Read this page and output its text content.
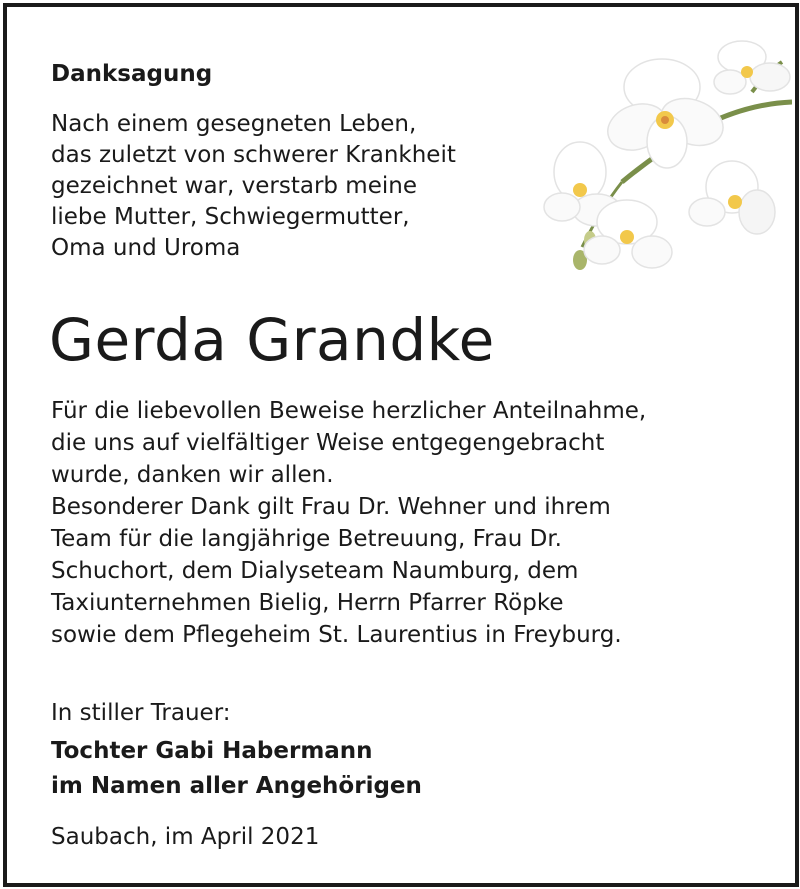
Danksagung
Nach einem gesegneten Leben,
das zuletzt von schwerer Krankheit
gezeichnet war, verstarb meine
liebe Mutter, Schwiegermutter,
Oma und Uroma
Gerda Grandke
Für die liebevollen Beweise herzlicher Anteilnahme,
die uns auf vielfältiger Weise entgegengebracht
wurde, danken wir allen.
Besonderer Dank gilt Frau Dr. Wehner und ihrem
Team für die langjährige Betreuung, Frau Dr.
Schuchort, dem Dialyseteam Naumburg, dem
Taxiunternehmen Bielig, Herrn Pfarrer Röpke
sowie dem Pflegeheim St. Laurentius in Freyburg.
In stiller Trauer:
Tochter Gabi Habermann
im Namen aller Angehörigen
Saubach, im April 2021
